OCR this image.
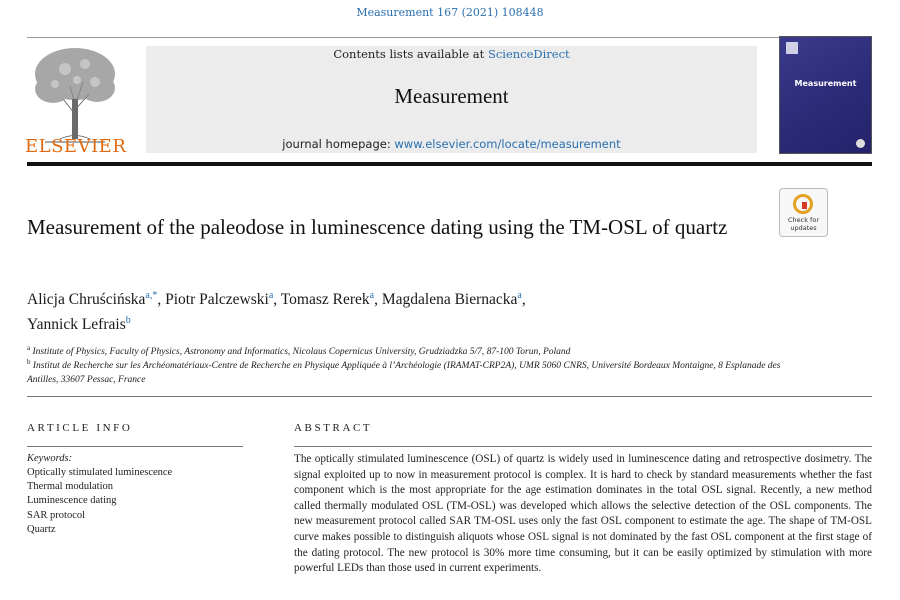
Measurement 167 (2021) 108448
ELSEVIER
Contents lists available at ScienceDirect
Measurement
journal homepage: www.elsevier.com/locate/measurement
Measurement
Check for updates
Measurement of the paleodose in luminescence dating using the TM-OSL of quartz
Alicja Chruścińska$^{a,*}$, Piotr Palczewski$^a$, Tomasz Rerek$^a$, Magdalena Biernacka$^a$,
Yannick Lefrais$^b$
$^a$ Institute of Physics, Faculty of Physics, Astronomy and Informatics, Nicolaus Copernicus University, Grudziadzka 5/7, 87-100 Torun, Poland
$^b$ Institut de Recherche sur les Archéomatériaux-Centre de Recherche en Physique Appliquée à l’Archéologie (IRAMAT-CRP2A), UMR 5060 CNRS, Université Bordeaux Montaigne, 8 Esplanade des Antilles, 33607 Pessac, France
ARTICLE INFO
Keywords:
Optically stimulated luminescence
Thermal modulation
Luminescence dating
SAR protocol
Quartz
ABSTRACT
The optically stimulated luminescence (OSL) of quartz is widely used in luminescence dating and retrospective dosimetry. The signal exploited up to now in measurement protocol is complex. It is hard to check by standard measurements whether the fast component which is the most appropriate for the age estimation dominates in the total OSL signal. Recently, a new method called thermally modulated OSL (TM-OSL) was developed which allows the selective detection of the OSL components. The new measurement protocol called SAR TM-OSL uses only the fast OSL component to estimate the age. The shape of TM-OSL curve makes possible to distinguish aliquots whose OSL signal is not dominated by the fast OSL component at the first stage of the dating protocol. The new protocol is 30% more time consuming, but it can be easily optimized by stimulation with more powerful LEDs than those used in current experiments.
